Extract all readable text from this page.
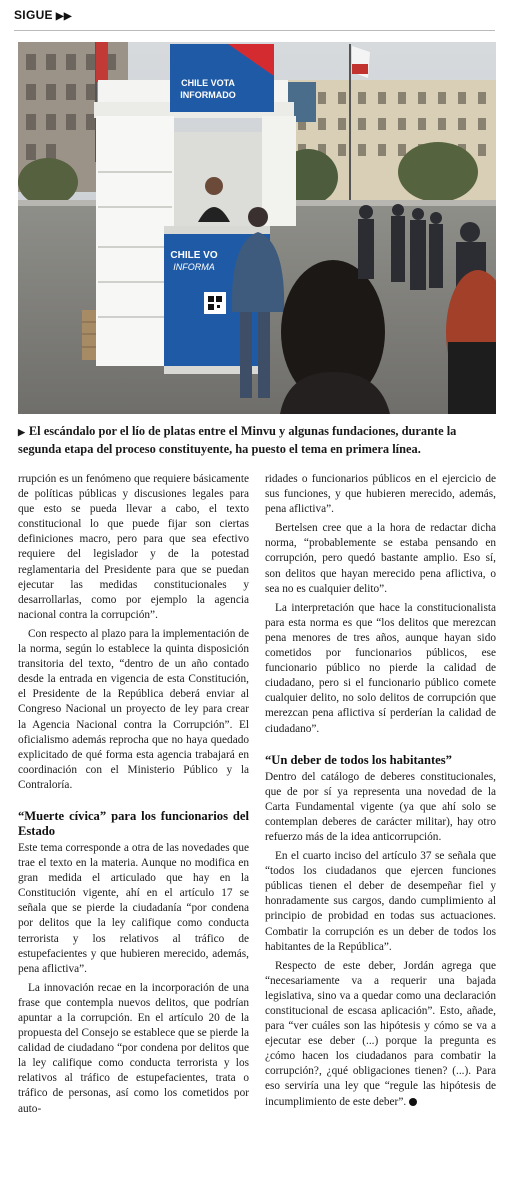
SIGUE ▶▶
CHILE VOTA
INFORMADO
CHILE VO
INFORMA
▶ El escándalo por el lío de platas entre el Minvu y algunas fundaciones, durante la segunda etapa del proceso constituyente, ha puesto el tema en primera línea.

rrupción es un fenómeno que requiere básicamente de políticas públicas y discusiones legales para que esto se pueda llevar a cabo, el texto constitucional lo que puede fijar son ciertas definiciones macro, pero para que sea efectivo requiere del legislador y de la potestad reglamentaria del Presidente para que se puedan ejecutar las medidas constitucionales y desarrollarlas, como por ejemplo la agencia nacional contra la corrupción”.

Con respecto al plazo para la implementación de la norma, según lo establece la quinta disposición transitoria del texto, “dentro de un año contado desde la entrada en vigencia de esta Constitución, el Presidente de la República deberá enviar al Congreso Nacional un proyecto de ley para crear la Agencia Nacional contra la Corrupción”. El oficialismo además reprocha que no haya quedado explicitado de qué forma esta agencia trabajará en coordinación con el Ministerio Público y la Contraloría.

“Muerte cívica” para los funcionarios del Estado

Este tema corresponde a otra de las novedades que trae el texto en la materia. Aunque no modifica en gran medida el articulado que hay en la Constitución vigente, ahí en el artículo 17 se señala que se pierde la ciudadanía “por condena por delitos que la ley califique como conducta terrorista y los relativos al tráfico de estupefacientes y que hubieren merecido, además, pena aflictiva”.

La innovación recae en la incorporación de una frase que contempla nuevos delitos, que podrían apuntar a la corrupción. En el artículo 20 de la propuesta del Consejo se establece que se pierde la calidad de ciudadano “por condena por delitos que la ley califique como conducta terrorista y los relativos al tráfico de estupefacientes, trata o tráfico de personas, así como los cometidos por auto-

ridades o funcionarios públicos en el ejercicio de sus funciones, y que hubieren merecido, además, pena aflictiva”.

Bertelsen cree que a la hora de redactar dicha norma, “probablemente se estaba pensando en corrupción, pero quedó bastante amplio. Eso sí, son delitos que hayan merecido pena aflictiva, o sea no es cualquier delito”.

La interpretación que hace la constitucionalista para esta norma es que “los delitos que merezcan pena menores de tres años, aunque hayan sido cometidos por funcionarios públicos, ese funcionario público no pierde la calidad de ciudadano, pero si el funcionario público comete cualquier delito, no solo delitos de corrupción que merezcan pena aflictiva sí perderían la calidad de ciudadano”.

“Un deber de todos los habitantes”

Dentro del catálogo de deberes constitucionales, que de por sí ya representa una novedad de la Carta Fundamental vigente (ya que ahí solo se contemplan deberes de carácter militar), hay otro refuerzo más de la idea anticorrupción.

En el cuarto inciso del artículo 37 se señala que “todos los ciudadanos que ejercen funciones públicas tienen el deber de desempeñar fiel y honradamente sus cargos, dando cumplimiento al principio de probidad en todas sus actuaciones. Combatir la corrupción es un deber de todos los habitantes de la República”.

Respecto de este deber, Jordán agrega que “necesariamente va a requerir una bajada legislativa, sino va a quedar como una declaración constitucional de escasa aplicación”. Esto, añade, para “ver cuáles son las hipótesis y cómo se va a ejecutar ese deber (...) porque la pregunta es ¿cómo hacen los ciudadanos para combatir la corrupción?, ¿qué obligaciones tienen? (...). Para eso serviría una ley que “regule las hipótesis de incumplimiento de este deber”.
